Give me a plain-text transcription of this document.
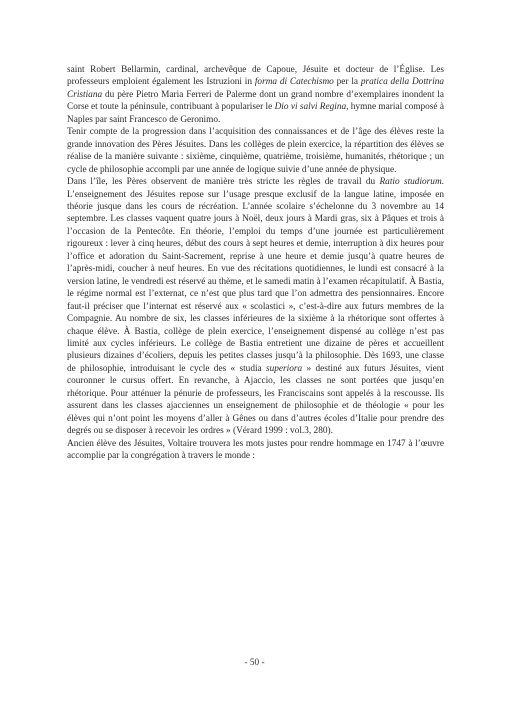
saint Robert Bellarmin, cardinal, archevêque de Capoue, Jésuite et docteur de l’Église. Les professeurs emploient également les Istruzioni in forma di Catechismo per la pratica della Dottrina Cristiana du père Pietro Maria Ferreri de Palerme dont un grand nombre d’exemplaires inondent la Corse et toute la péninsule, contribuant à populariser le Dio vi salvi Regina, hymne marial composé à Naples par saint Francesco de Geronimo.

Tenir compte de la progression dans l’acquisition des connaissances et de l’âge des élèves reste la grande innovation des Pères Jésuites. Dans les collèges de plein exercice, la répartition des élèves se réalise de la manière suivante : sixième, cinquième, quatrième, troisième, humanités, rhétorique ; un cycle de philosophie accompli par une année de logique suivie d’une année de physique.

Dans l’île, les Pères observent de manière très stricte les règles de travail du Ratio studiorum. L’enseignement des Jésuites repose sur l’usage presque exclusif de la langue latine, imposée en théorie jusque dans les cours de récréation. L’année scolaire s’échelonne du 3 novembre au 14 septembre. Les classes vaquent quatre jours à Noël, deux jours à Mardi gras, six à Pâques et trois à l’occasion de la Pentecôte. En théorie, l’emploi du temps d’une journée est particulièrement rigoureux : lever à cinq heures, début des cours à sept heures et demie, interruption à dix heures pour l’office et adoration du Saint-Sacrement, reprise à une heure et demie jusqu’à quatre heures de l’après-midi, coucher à neuf heures. En vue des récitations quotidiennes, le lundi est consacré à la version latine, le vendredi est réservé au thème, et le samedi matin à l’examen récapitulatif. À Bastia, le régime normal est l’externat, ce n’est que plus tard que l’on admettra des pensionnaires. Encore faut-il préciser que l’internat est réservé aux « scolastici », c’est-à-dire aux futurs membres de la Compagnie. Au nombre de six, les classes inférieures de la sixième à la rhétorique sont offertes à chaque élève. À Bastia, collège de plein exercice, l’enseignement dispensé au collège n’est pas limité aux cycles inférieurs. Le collège de Bastia entretient une dizaine de pères et accueillent plusieurs dizaines d’écoliers, depuis les petites classes jusqu’à la philosophie. Dès 1693, une classe de philosophie, introduisant le cycle des « studia superiora » destiné aux futurs Jésuites, vient couronner le cursus offert. En revanche, à Ajaccio, les classes ne sont portées que jusqu’en rhétorique. Pour atténuer la pénurie de professeurs, les Franciscains sont appelés à la rescousse. Ils assurent dans les classes ajacciennes un enseignement de philosophie et de théologie « pour les élèves qui n’ont point les moyens d’aller à Gênes ou dans d’autres écoles d’Italie pour prendre des degrés ou se disposer à recevoir les ordres » (Vérard 1999 : vol.3, 280).

Ancien élève des Jésuites, Voltaire trouvera les mots justes pour rendre hommage en 1747 à l’œuvre accomplie par la congrégation à travers le monde :

- 50 -
